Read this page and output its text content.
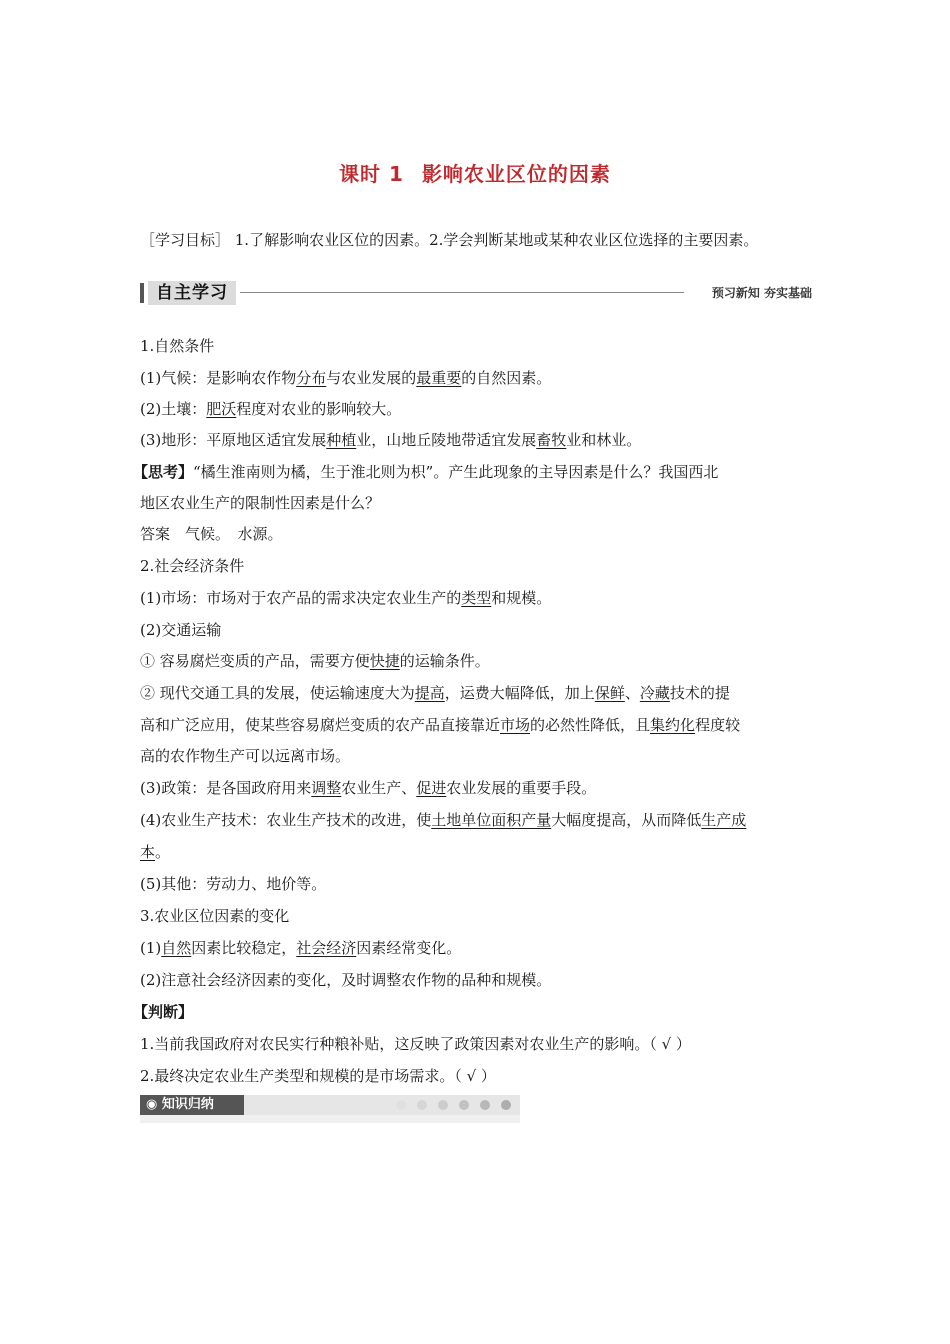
课时 1 影响农业区位的因素
［学习目标］ 1.了解影响农业区位的因素。2.学会判断某地或某种农业区位选择的主要因素。
自主学习	预习新知 夯实基础
1.自然条件
(1)气候：是影响农作物分布与农业发展的最重要的自然因素。
(2)土壤：肥沃程度对农业的影响较大。
(3)地形：平原地区适宜发展种植业，山地丘陵地带适宜发展畜牧业和林业。
【思考】“橘生淮南则为橘，生于淮北则为枳”。产生此现象的主导因素是什么？我国西北
地区农业生产的限制性因素是什么？
答案　气候。　水源。
2.社会经济条件
(1)市场：市场对于农产品的需求决定农业生产的类型和规模。
(2)交通运输
① 容易腐烂变质的产品，需要方便快捷的运输条件。
② 现代交通工具的发展，使运输速度大为提高，运费大幅降低，加上保鲜、冷藏技术的提
高和广泛应用，使某些容易腐烂变质的农产品直接靠近市场的必然性降低，且集约化程度较
高的农作物生产可以远离市场。
(3)政策：是各国政府用来调整农业生产、促进农业发展的重要手段。
(4)农业生产技术：农业生产技术的改进，使土地单位面积产量大幅度提高，从而降低生产成
本。
(5)其他：劳动力、地价等。
3.农业区位因素的变化
(1)自然因素比较稳定，社会经济因素经常变化。
(2)注意社会经济因素的变化，及时调整农作物的品种和规模。
【判断】
1.当前我国政府对农民实行种粮补贴，这反映了政策因素对农业生产的影响。（ √ ）
2.最终决定农业生产类型和规模的是市场需求。（ √ ）
◉ 知识归纳
